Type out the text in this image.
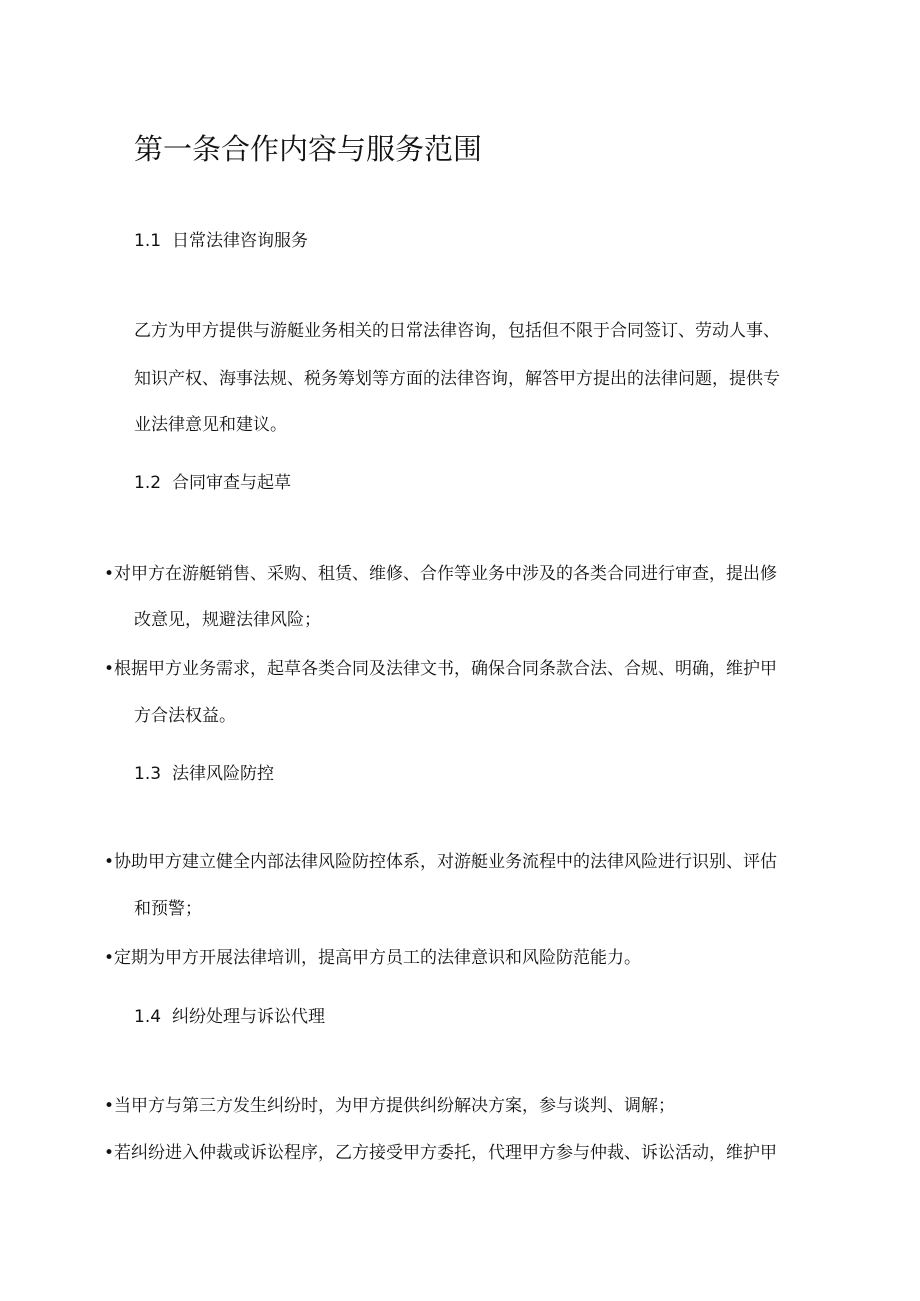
第一条合作内容与服务范围
1.1 日常法律咨询服务
乙方为甲方提供与游艇业务相关的日常法律咨询，包括但不限于合同签订、劳动人事、
知识产权、海事法规、税务筹划等方面的法律咨询，解答甲方提出的法律问题，提供专
业法律意见和建议。
1.2 合同审查与起草
•对甲方在游艇销售、采购、租赁、维修、合作等业务中涉及的各类合同进行审查，提出修
改意见，规避法律风险；
•根据甲方业务需求，起草各类合同及法律文书，确保合同条款合法、合规、明确，维护甲
方合法权益。
1.3 法律风险防控
•协助甲方建立健全内部法律风险防控体系，对游艇业务流程中的法律风险进行识别、评估
和预警；
•定期为甲方开展法律培训，提高甲方员工的法律意识和风险防范能力。
1.4 纠纷处理与诉讼代理
•当甲方与第三方发生纠纷时，为甲方提供纠纷解决方案，参与谈判、调解；
•若纠纷进入仲裁或诉讼程序，乙方接受甲方委托，代理甲方参与仲裁、诉讼活动，维护甲
